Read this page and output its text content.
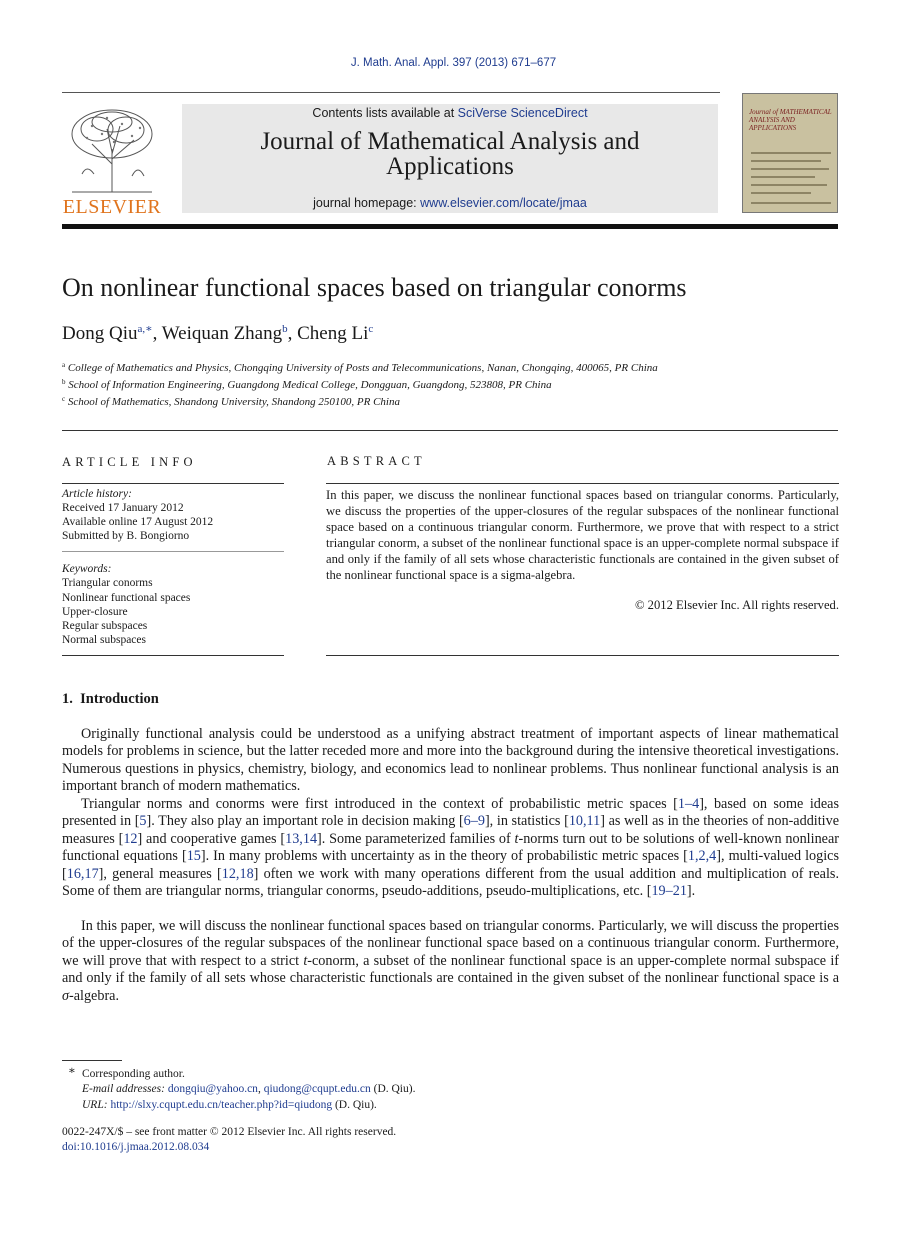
J. Math. Anal. Appl. 397 (2013) 671–677
ELSEVIER
Contents lists available at SciVerse ScienceDirect
Journal of Mathematical Analysis and
Applications
journal homepage: www.elsevier.com/locate/jmaa
Journal of MATHEMATICAL ANALYSIS AND APPLICATIONS
On nonlinear functional spaces based on triangular conorms
Dong Qiu$^{a,∗}$, Weiquan Zhang$^b$, Cheng Li$^c$
$^a$ College of Mathematics and Physics, Chongqing University of Posts and Telecommunications, Nanan, Chongqing, 400065, PR China
$^b$ School of Information Engineering, Guangdong Medical College, Dongguan, Guangdong, 523808, PR China
$^c$ School of Mathematics, Shandong University, Shandong 250100, PR China
ARTICLE INFO
Article history:
Received 17 January 2012
Available online 17 August 2012
Submitted by B. Bongiorno
Keywords:
Triangular conorms
Nonlinear functional spaces
Upper-closure
Regular subspaces
Normal subspaces
ABSTRACT
In this paper, we discuss the nonlinear functional spaces based on triangular conorms. Particularly, we discuss the properties of the upper-closures of the regular subspaces of the nonlinear functional space based on a continuous triangular conorm. Furthermore, we prove that with respect to a strict triangular conorm, a subset of the nonlinear functional space is an upper-complete normal subspace if and only if the family of all sets whose characteristic functionals are contained in the given subset of the nonlinear functional space is a sigma-algebra.
© 2012 Elsevier Inc. All rights reserved.
1. Introduction
Originally functional analysis could be understood as a unifying abstract treatment of important aspects of linear mathematical models for problems in science, but the latter receded more and more into the background during the intensive theoretical investigations. Numerous questions in physics, chemistry, biology, and economics lead to nonlinear problems. Thus nonlinear functional analysis is an important branch of modern mathematics.
Triangular norms and conorms were first introduced in the context of probabilistic metric spaces [1–4], based on some ideas presented in [5]. They also play an important role in decision making [6–9], in statistics [10,11] as well as in the theories of non-additive measures [12] and cooperative games [13,14]. Some parameterized families of t-norms turn out to be solutions of well-known nonlinear functional equations [15]. In many problems with uncertainty as in the theory of probabilistic metric spaces [1,2,4], multi-valued logics [16,17], general measures [12,18] often we work with many operations different from the usual addition and multiplication of reals. Some of them are triangular norms, triangular conorms, pseudo-additions, pseudo-multiplications, etc. [19–21].
In this paper, we will discuss the nonlinear functional spaces based on triangular conorms. Particularly, we will discuss the properties of the upper-closures of the regular subspaces of the nonlinear functional space based on a continuous triangular conorm. Furthermore, we will prove that with respect to a strict t-conorm, a subset of the nonlinear functional space is an upper-complete normal subspace if and only if the family of all sets whose characteristic functionals are contained in the given subset of the nonlinear functional space is a σ-algebra.
∗ Corresponding author.
E-mail addresses: dongqiu@yahoo.cn, qiudong@cqupt.edu.cn (D. Qiu).
URL: http://slxy.cqupt.edu.cn/teacher.php?id=qiudong (D. Qiu).
0022-247X/$ – see front matter © 2012 Elsevier Inc. All rights reserved.
doi:10.1016/j.jmaa.2012.08.034
